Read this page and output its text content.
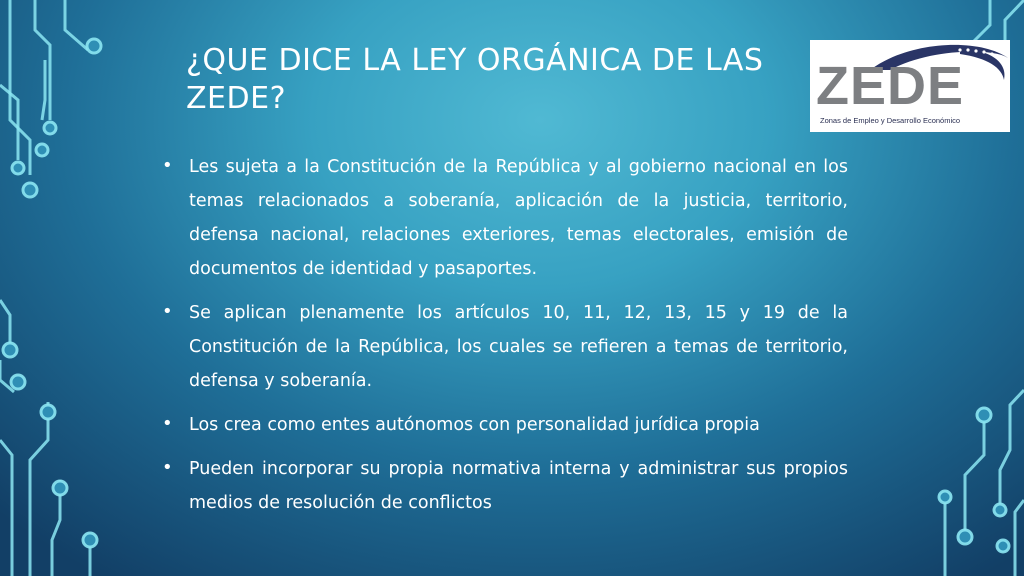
¿QUE DICE LA LEY ORGÁNICA DE LAS ZEDE?	ZEDE
Zonas de Empleo y Desarrollo Económico
• Les sujeta a la Constitución de la República y al gobierno nacional en los temas relacionados a soberanía, aplicación de la justicia, territorio, defensa nacional, relaciones exteriores, temas electorales, emisión de documentos de identidad y pasaportes.
• Se aplican plenamente los artículos 10, 11, 12, 13, 15 y 19 de la Constitución de la República, los cuales se refieren a temas de territorio, defensa y soberanía.
• Los crea como entes autónomos con personalidad jurídica propia
• Pueden incorporar su propia normativa interna y administrar sus propios medios de resolución de conflictos
